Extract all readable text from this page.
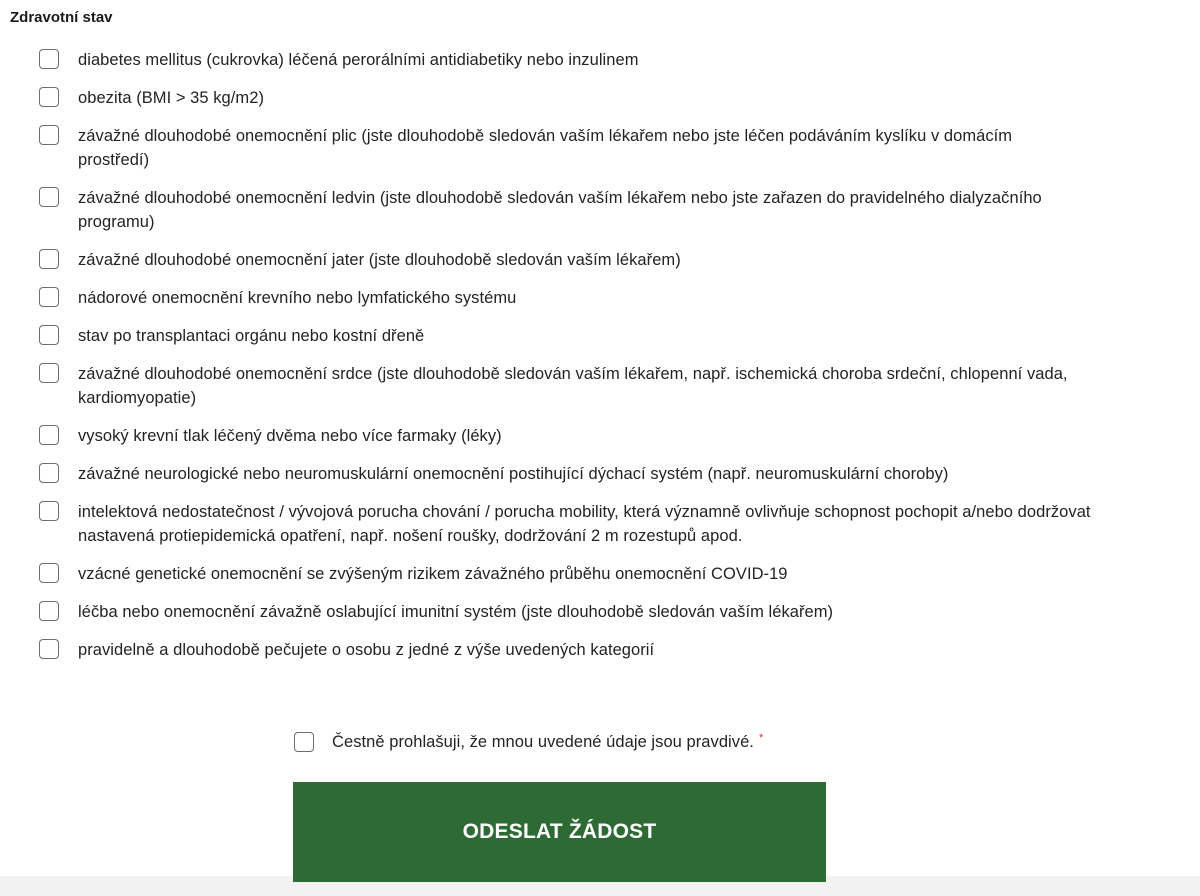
Zdravotní stav
diabetes mellitus (cukrovka) léčená perorálními antidiabetiky nebo inzulinem
obezita (BMI > 35 kg/m2)
závažné dlouhodobé onemocnění plic (jste dlouhodobě sledován vaším lékařem nebo jste léčen podáváním kyslíku v domácím prostředí)
závažné dlouhodobé onemocnění ledvin (jste dlouhodobě sledován vaším lékařem nebo jste zařazen do pravidelného dialyzačního programu)
závažné dlouhodobé onemocnění jater (jste dlouhodobě sledován vaším lékařem)
nádorové onemocnění krevního nebo lymfatického systému
stav po transplantaci orgánu nebo kostní dřeně
závažné dlouhodobé onemocnění srdce (jste dlouhodobě sledován vaším lékařem, např. ischemická choroba srdeční, chlopenní vada, kardiomyopatie)
vysoký krevní tlak léčený dvěma nebo více farmaky (léky)
závažné neurologické nebo neuromuskulární onemocnění postihující dýchací systém (např. neuromuskulární choroby)
intelektová nedostatečnost / vývojová porucha chování / porucha mobility, která významně ovlivňuje schopnost pochopit a/nebo dodržovat nastavená protiepidemická opatření, např. nošení roušky, dodržování 2 m rozestupů apod.
vzácné genetické onemocnění se zvýšeným rizikem závažného průběhu onemocnění COVID-19
léčba nebo onemocnění závažně oslabující imunitní systém (jste dlouhodobě sledován vaším lékařem)
pravidelně a dlouhodobě pečujete o osobu z jedné z výše uvedených kategorií
Čestně prohlašuji, že mnou uvedené údaje jsou pravdivé. *
ODESLAT ŽÁDOST
